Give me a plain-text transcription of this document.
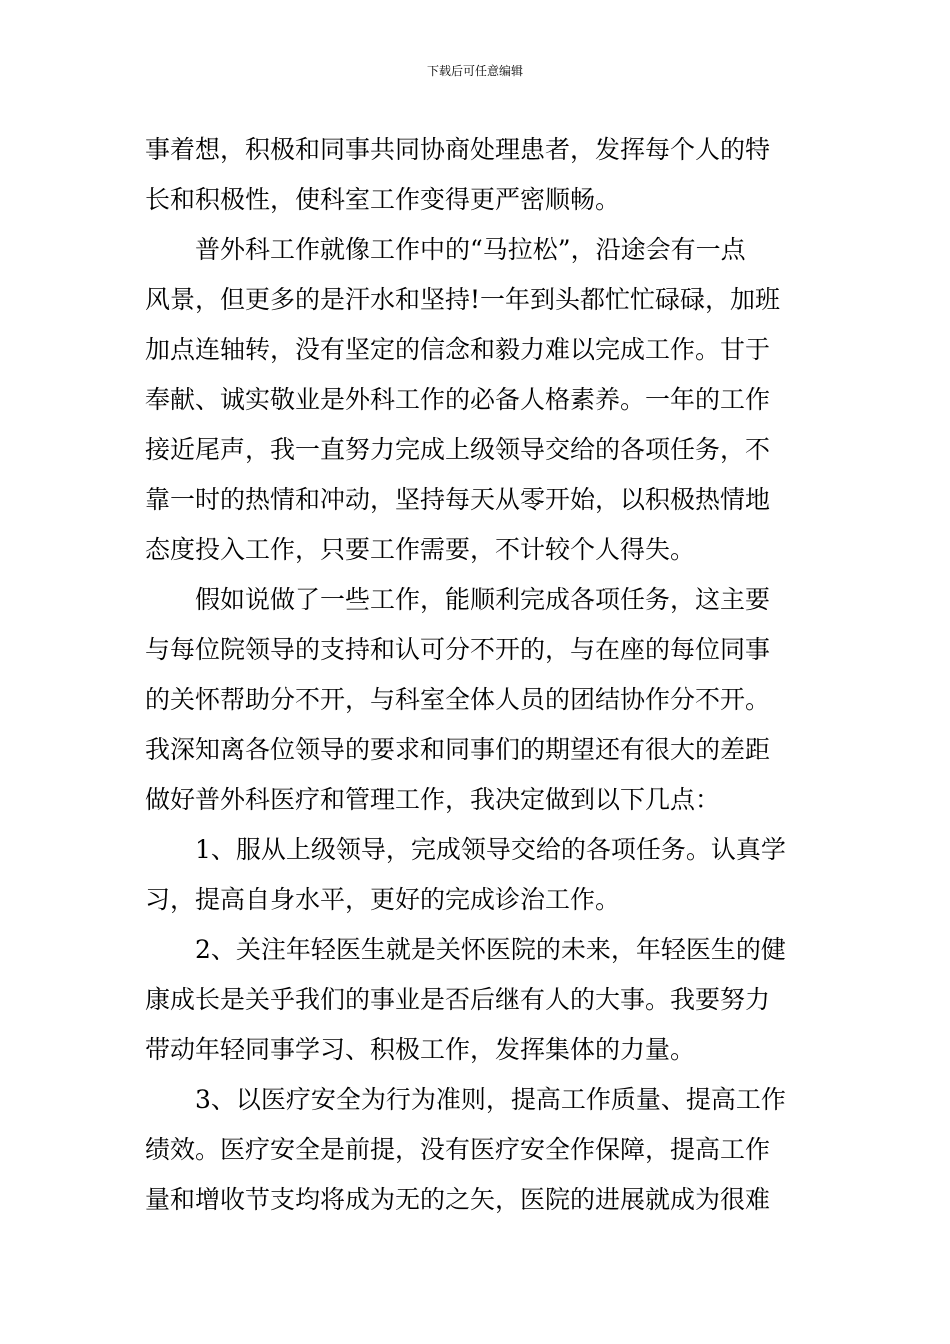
下载后可任意编辑
事着想，积极和同事共同协商处理患者，发挥每个人的特
长和积极性，使科室工作变得更严密顺畅。
普外科工作就像工作中的“马拉松”，沿途会有一点
风景，但更多的是汗水和坚持!一年到头都忙忙碌碌，加班
加点连轴转，没有坚定的信念和毅力难以完成工作。甘于
奉献、诚实敬业是外科工作的必备人格素养。一年的工作
接近尾声，我一直努力完成上级领导交给的各项任务，不
靠一时的热情和冲动，坚持每天从零开始，以积极热情地
态度投入工作，只要工作需要，不计较个人得失。
假如说做了一些工作，能顺利完成各项任务，这主要
与每位院领导的支持和认可分不开的，与在座的每位同事
的关怀帮助分不开，与科室全体人员的团结协作分不开。
我深知离各位领导的要求和同事们的期望还有很大的差距
做好普外科医疗和管理工作，我决定做到以下几点：
1、服从上级领导，完成领导交给的各项任务。认真学
习，提高自身水平，更好的完成诊治工作。
2、关注年轻医生就是关怀医院的未来，年轻医生的健
康成长是关乎我们的事业是否后继有人的大事。我要努力
带动年轻同事学习、积极工作，发挥集体的力量。
3、以医疗安全为行为准则，提高工作质量、提高工作
绩效。医疗安全是前提，没有医疗安全作保障，提高工作
量和增收节支均将成为无的之矢，医院的进展就成为很难
